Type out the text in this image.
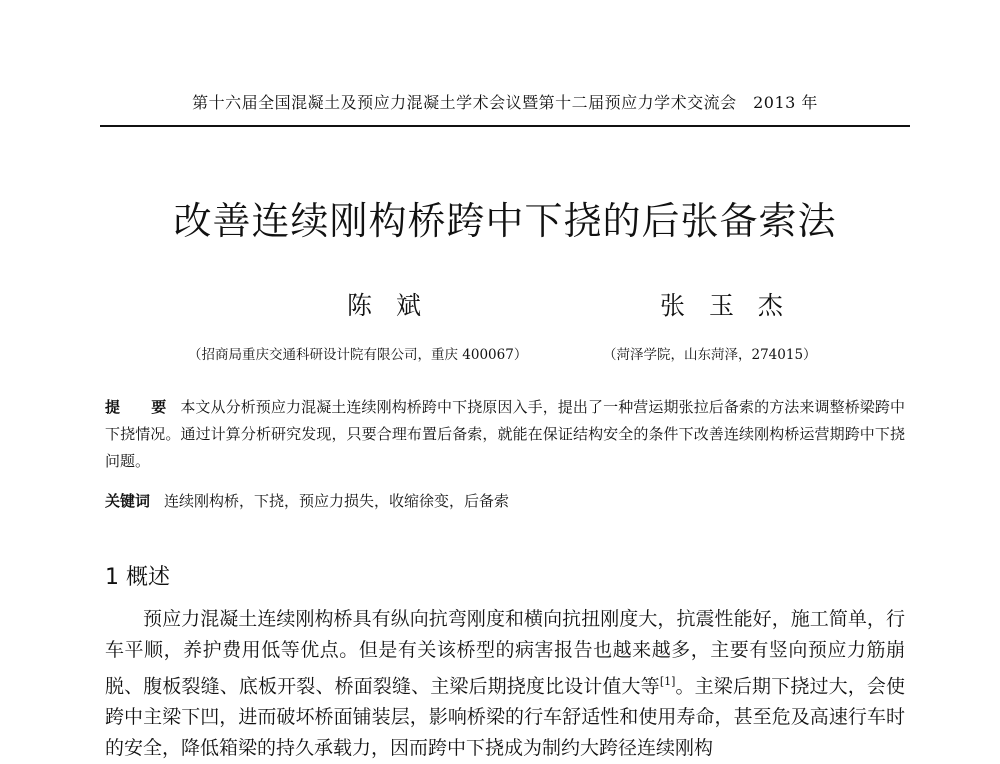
第十六届全国混凝土及预应力混凝土学术会议暨第十二届预应力学术交流会　2013 年
改善连续刚构桥跨中下挠的后张备索法
陈 斌	张 玉 杰
（招商局重庆交通科研设计院有限公司，重庆 400067）	（菏泽学院，山东菏泽，274015）
提　要 本文从分析预应力混凝土连续刚构桥跨中下挠原因入手，提出了一种营运期张拉后备索的方法来调整桥梁跨中下挠情况。通过计算分析研究发现，只要合理布置后备索，就能在保证结构安全的条件下改善连续刚构桥运营期跨中下挠问题。
关键词 连续刚构桥，下挠，预应力损失，收缩徐变，后备索
1 概述
预应力混凝土连续刚构桥具有纵向抗弯刚度和横向抗扭刚度大，抗震性能好，施工简单，行车平顺，养护费用低等优点。但是有关该桥型的病害报告也越来越多，主要有竖向预应力筋崩脱、腹板裂缝、底板开裂、桥面裂缝、主梁后期挠度比设计值大等[1]。主梁后期下挠过大，会使跨中主梁下凹，进而破坏桥面铺装层，影响桥梁的行车舒适性和使用寿命，甚至危及高速行车时的安全，降低箱梁的持久承载力，因而跨中下挠成为制约大跨径连续刚构
